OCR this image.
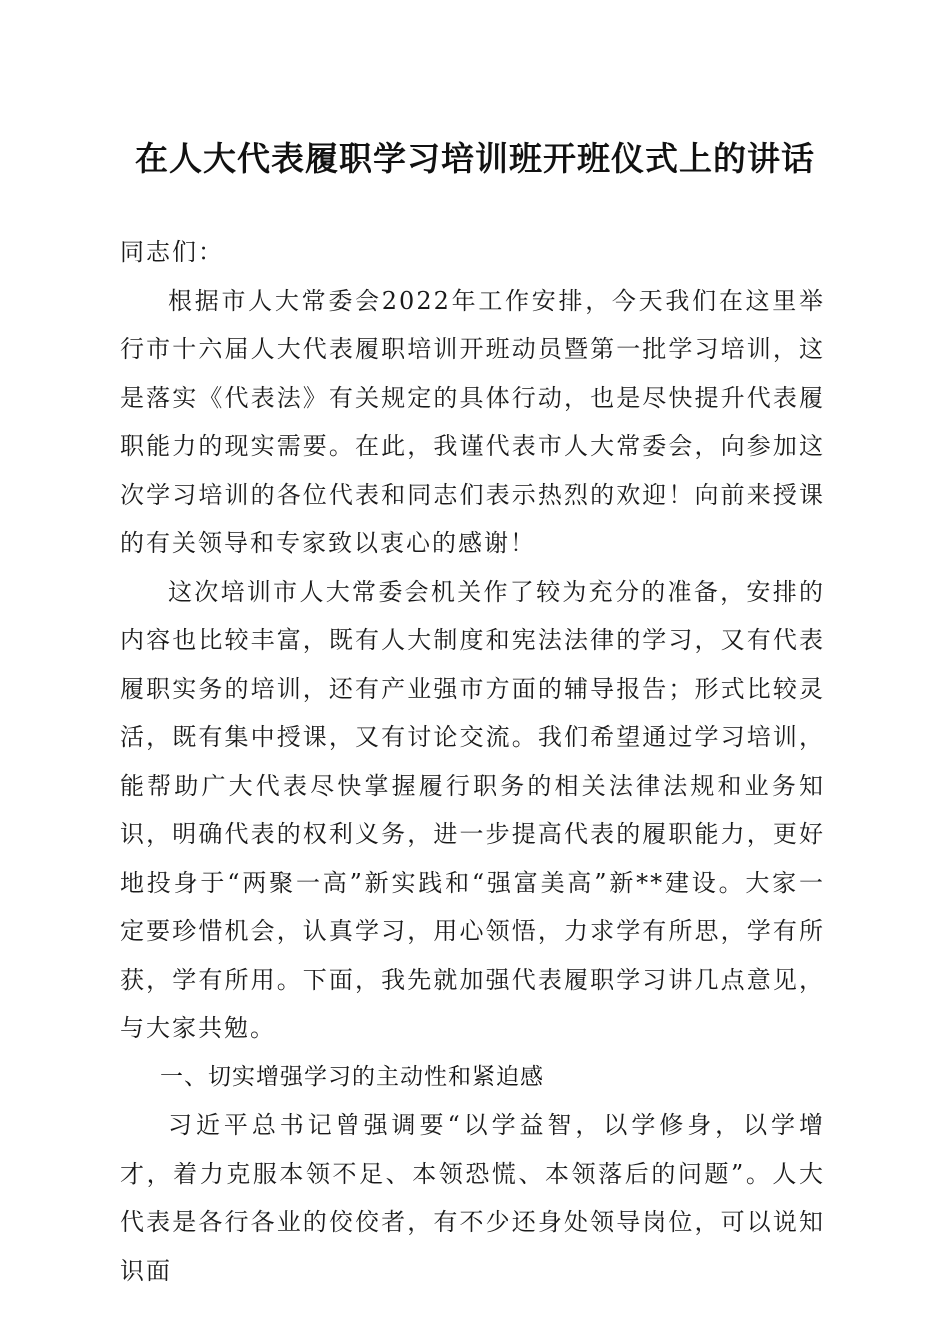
在人大代表履职学习培训班开班仪式上的讲话

同志们：

根据市人大常委会2022年工作安排，今天我们在这里举行市十六届人大代表履职培训开班动员暨第一批学习培训，这是落实《代表法》有关规定的具体行动，也是尽快提升代表履职能力的现实需要。在此，我谨代表市人大常委会，向参加这次学习培训的各位代表和同志们表示热烈的欢迎！向前来授课的有关领导和专家致以衷心的感谢！

这次培训市人大常委会机关作了较为充分的准备，安排的内容也比较丰富，既有人大制度和宪法法律的学习，又有代表履职实务的培训，还有产业强市方面的辅导报告；形式比较灵活，既有集中授课，又有讨论交流。我们希望通过学习培训，能帮助广大代表尽快掌握履行职务的相关法律法规和业务知识，明确代表的权利义务，进一步提高代表的履职能力，更好地投身于“两聚一高”新实践和“强富美高”新**建设。大家一定要珍惜机会，认真学习，用心领悟，力求学有所思，学有所获，学有所用。下面，我先就加强代表履职学习讲几点意见，与大家共勉。

一、切实增强学习的主动性和紧迫感

习近平总书记曾强调要“以学益智，以学修身，以学增才，着力克服本领不足、本领恐慌、本领落后的问题”。人大代表是各行各业的佼佼者，有不少还身处领导岗位，可以说知识面
